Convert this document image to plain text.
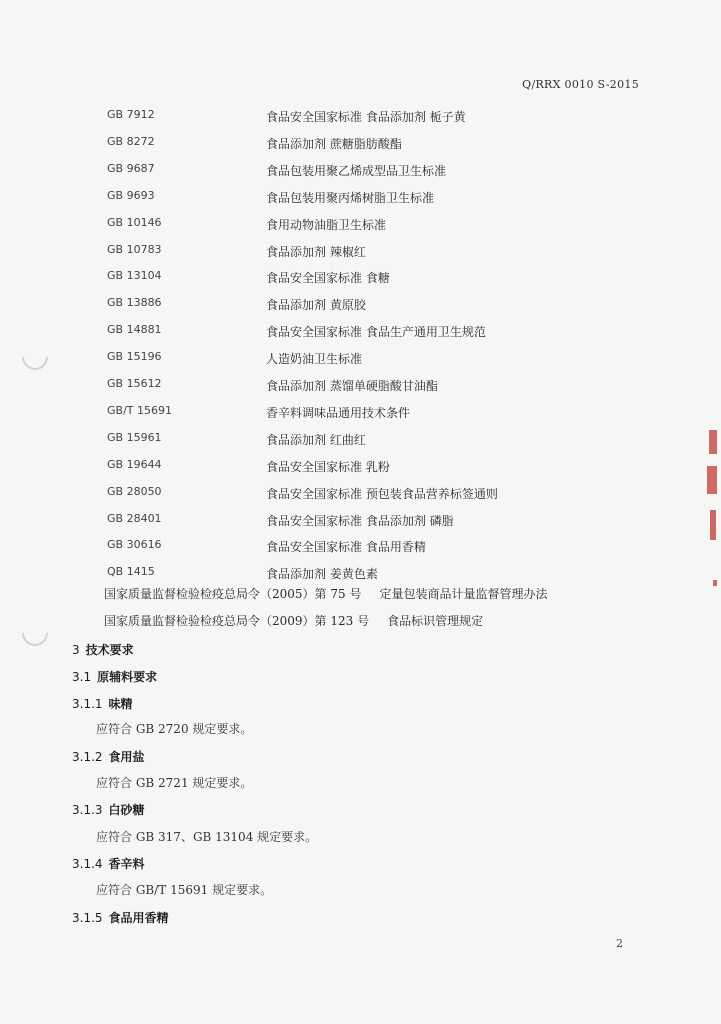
Q/RRX 0010 S-2015
GB 7912	食品安全国家标准 食品添加剂 栀子黄
GB 8272	食品添加剂 蔗糖脂肪酸酯
GB 9687	食品包装用聚乙烯成型品卫生标准
GB 9693	食品包装用聚丙烯树脂卫生标准
GB 10146	食用动物油脂卫生标准
GB 10783	食品添加剂 辣椒红
GB 13104	食品安全国家标准 食糖
GB 13886	食品添加剂 黄原胶
GB 14881	食品安全国家标准 食品生产通用卫生规范
GB 15196	人造奶油卫生标准
GB 15612	食品添加剂 蒸馏单硬脂酸甘油酯
GB/T 15691	香辛料调味品通用技术条件
GB 15961	食品添加剂 红曲红
GB 19644	食品安全国家标准 乳粉
GB 28050	食品安全国家标准 预包装食品营养标签通则
GB 28401	食品安全国家标准 食品添加剂 磷脂
GB 30616	食品安全国家标准 食品用香精
QB 1415	食品添加剂 姜黄色素
国家质量监督检验检疫总局令（2005）第 75 号 定量包装商品计量监督管理办法
国家质量监督检验检疫总局令（2009）第 123 号 食品标识管理规定
3 技术要求
3.1 原辅料要求
3.1.1 味精
应符合 GB 2720 规定要求。
3.1.2 食用盐
应符合 GB 2721 规定要求。
3.1.3 白砂糖
应符合 GB 317、GB 13104 规定要求。
3.1.4 香辛料
应符合 GB/T 15691 规定要求。
3.1.5 食品用香精
2
